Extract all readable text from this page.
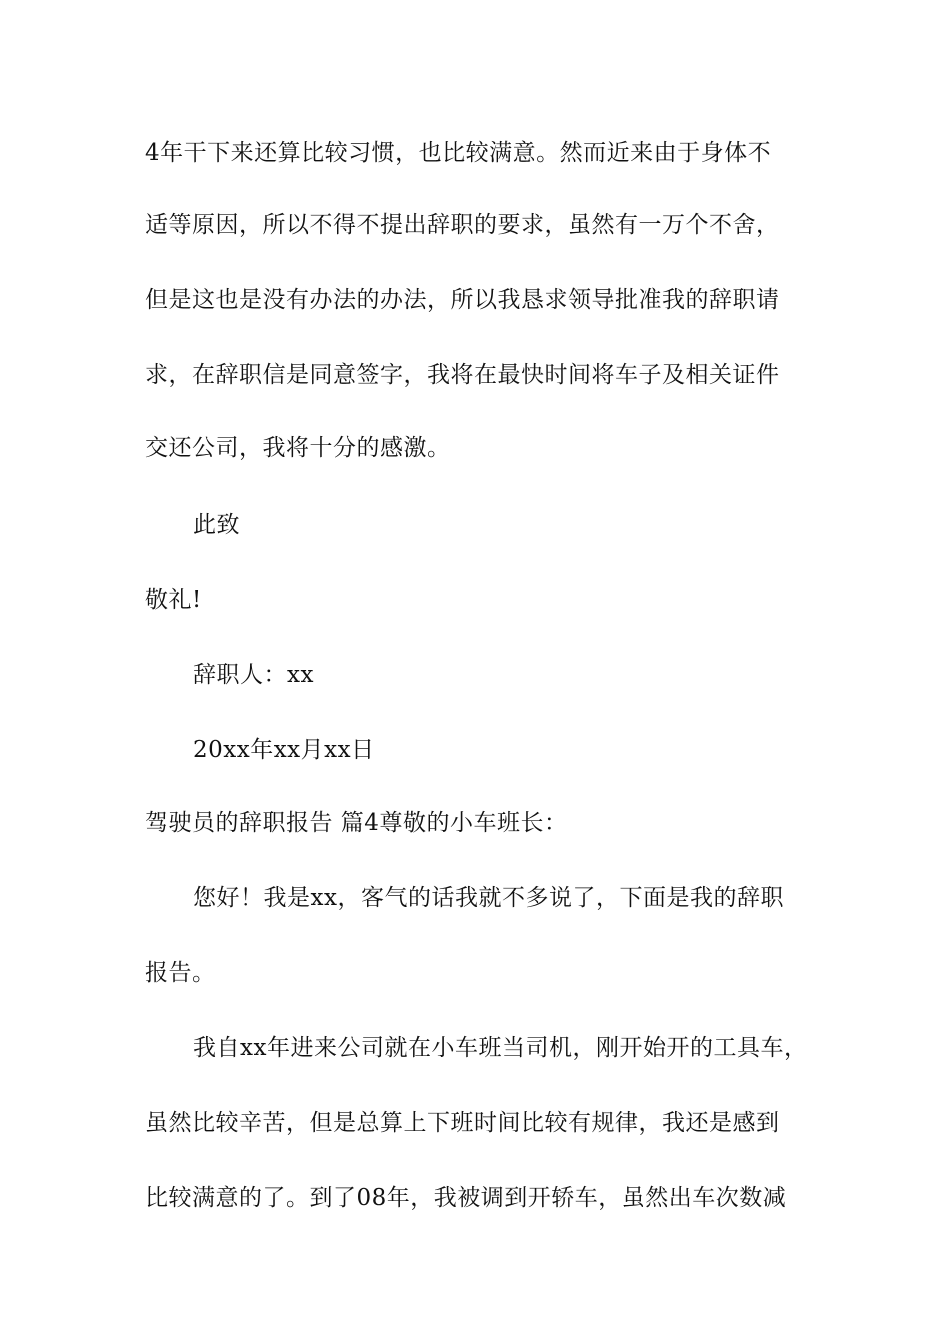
4年干下来还算比较习惯，也比较满意。然而近来由于身体不
适等原因，所以不得不提出辞职的要求，虽然有一万个不舍，
但是这也是没有办法的办法，所以我恳求领导批准我的辞职请
求，在辞职信是同意签字，我将在最快时间将车子及相关证件
交还公司，我将十分的感激。
此致
敬礼!
辞职人：xx
20xx年xx月xx日
驾驶员的辞职报告 篇4尊敬的小车班长：
您好！我是xx，客气的话我就不多说了，下面是我的辞职
报告。
我自xx年进来公司就在小车班当司机，刚开始开的工具车，
虽然比较辛苦，但是总算上下班时间比较有规律，我还是感到
比较满意的了。到了08年，我被调到开轿车，虽然出车次数减
